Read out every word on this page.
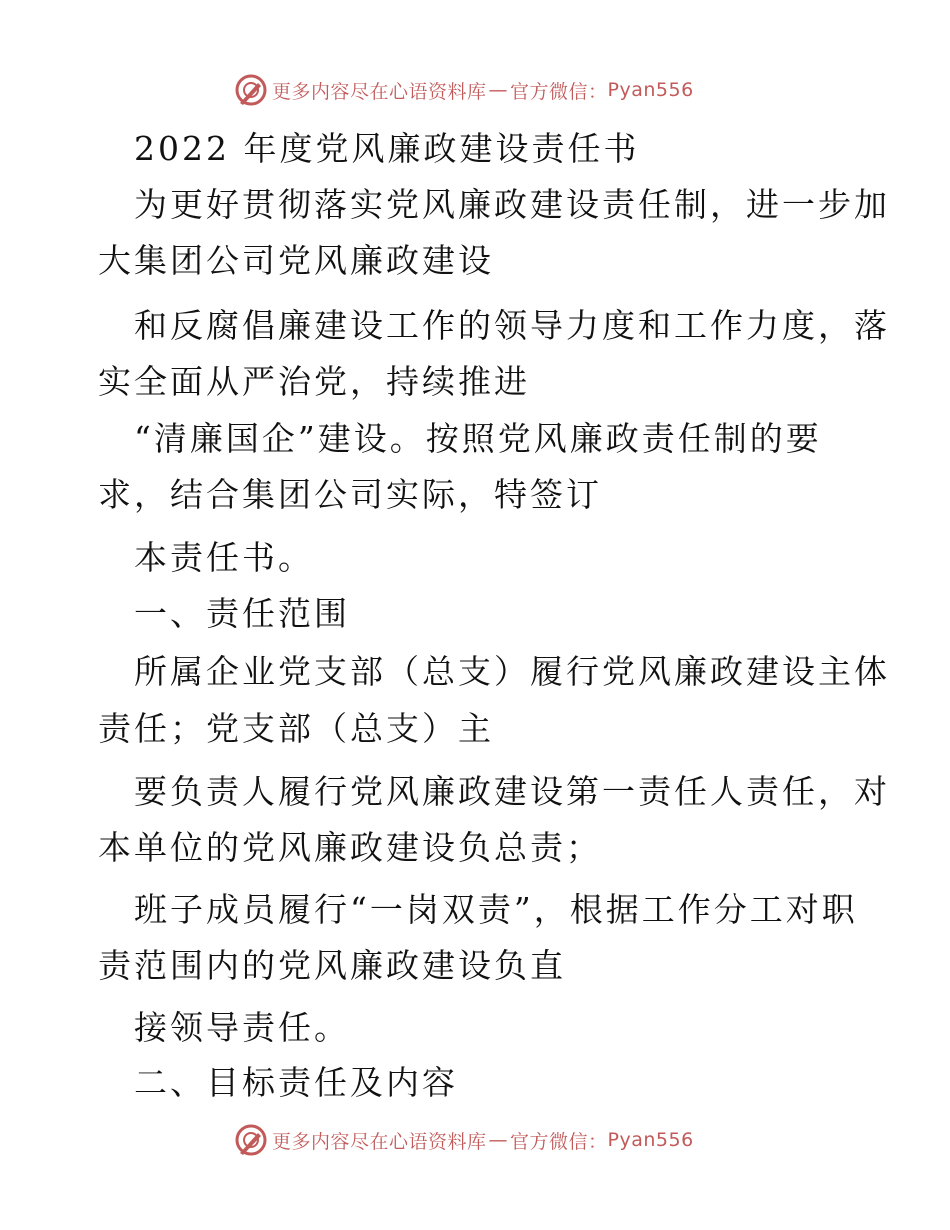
更多内容尽在心语资料库 — 官方微信： Pyan556
2022 年度党风廉政建设责任书
为更好贯彻落实党风廉政建设责任制，进一步加
大集团公司党风廉政建设
和反腐倡廉建设工作的领导力度和工作力度，落
实全面从严治党，持续推进
“清廉国企”建设。按照党风廉政责任制的要
求，结合集团公司实际，特签订
本责任书。
一、责任范围
所属企业党支部（总支）履行党风廉政建设主体
责任；党支部（总支）主
要负责人履行党风廉政建设第一责任人责任，对
本单位的党风廉政建设负总责；
班子成员履行“一岗双责”，根据工作分工对职
责范围内的党风廉政建设负直
接领导责任。
二、目标责任及内容
更多内容尽在心语资料库 — 官方微信： Pyan556
